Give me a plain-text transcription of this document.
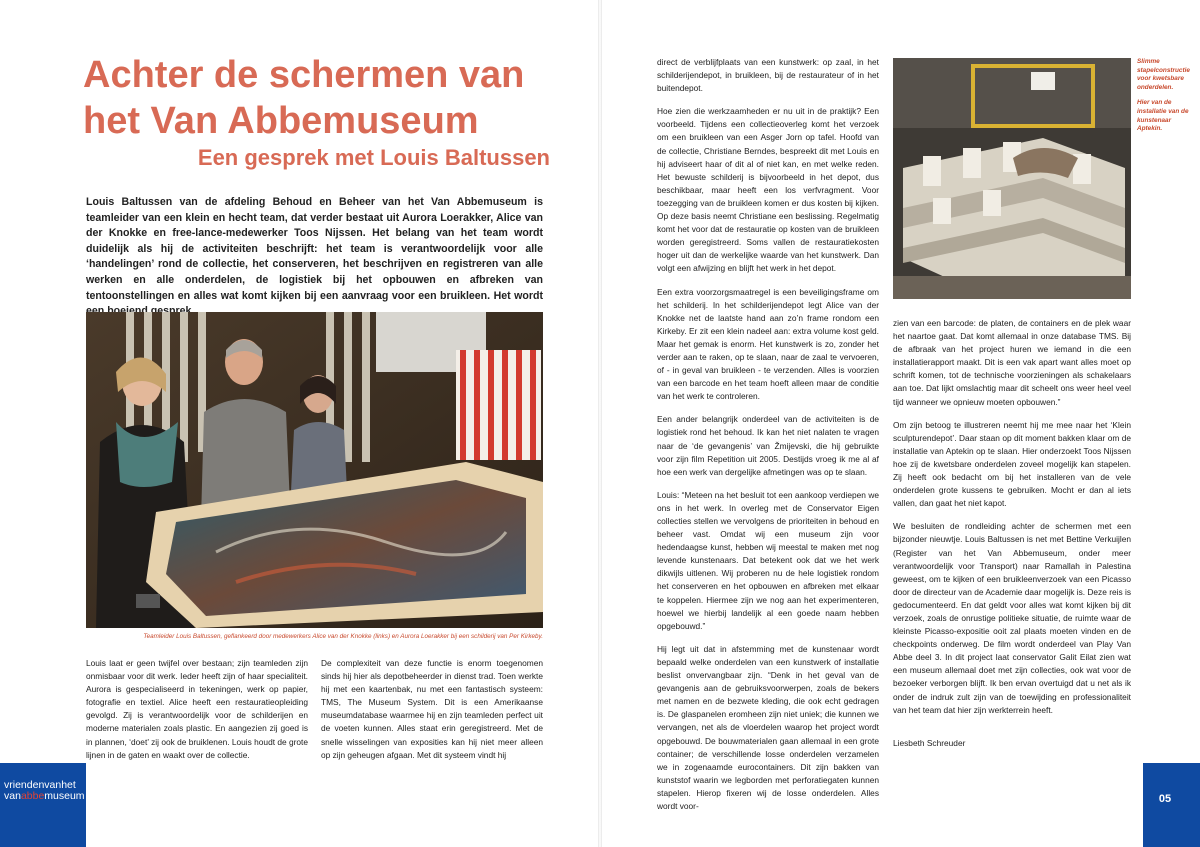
Achter de schermen van het Van Abbemuseum
Een gesprek met Louis Baltussen

Louis Baltussen van de afdeling Behoud en Beheer van het Van Abbemuseum is teamleider van een klein en hecht team, dat verder bestaat uit Aurora Loerakker, Alice van der Knokke en free-lance-medewerker Toos Nijssen. Het belang van het team wordt duidelijk als hij de activiteiten beschrijft: het team is verantwoordelijk voor alle ‘handelingen’ rond de collectie, het conserveren, het beschrijven en registreren van alle werken en alle onderdelen, de logistiek bij het opbouwen en afbreken van tentoonstellingen en alles wat komt kijken bij een aanvraag voor een bruikleen. Het wordt

Teamleider Louis Baltussen, geflankeerd door medewerkers Alice van der Knokke (links) en Aurora Loerakker bij een schilderij van Per Kirkeby.

Louis laat er geen twijfel over bestaan; zijn teamleden zijn onmisbaar voor dit werk. Ieder heeft zijn of haar specialiteit. Aurora is gespecialiseerd in tekeningen, werk op papier, fotografie en textiel. Alice heeft een restauratieopleiding gevolgd. Zij is verantwoordelijk voor de schilderijen en moderne materialen zoals plastic. En aangezien zij goed is in plannen, ‘doet’ zij ook de bruiklenen. Louis houdt de grote lijnen in de gaten en waakt over de collectie.

De complexiteit van deze functie is enorm toegenomen sinds hij hier als depotbeheerder in dienst trad. Toen werkte hij met een kaartenbak, nu met een fantastisch systeem: TMS, The Museum System. Dit is een Amerikaanse museumdatabase waarmee hij en zijn teamleden perfect uit de voeten kunnen. Alles staat erin geregistreerd. Met de snelle wisselingen van exposities kan hij niet meer alleen op zijn geheugen afgaan. Met dit systeem vindt hij

vriendenvanhet
vanabbemuseum

direct de verblijfplaats van een kunstwerk: op zaal, in het schilderijendepot, in bruikleen, bij de restaurateur of in het buitendepot.

Hoe zien die werkzaamheden er nu uit in de praktijk? Een voorbeeld. Tijdens een collectieoverleg komt het verzoek om een bruikleen van een Asger Jorn op tafel. Hoofd van de collectie, Christiane Berndes, bespreekt dit met Louis en hij adviseert haar of dit al of niet kan, en met welke reden. Het bewuste schilderij is bijvoorbeeld in het depot, dus beschikbaar, maar heeft een los verfvragment. Voor toezegging van de bruikleen komen er dus kosten bij kijken. Op deze basis neemt Christiane een beslissing. Regelmatig komt het voor dat de restauratie op kosten van de bruikleen worden geregistreerd. Soms vallen de restauratiekosten hoger uit dan de werkelijke waarde van het kunstwerk. Dan volgt een afwijzing en blijft het werk in het depot.

Een extra voorzorgsmaatregel is een beveiligingsframe om het schilderij. In het schilderijendepot legt Alice van der Knokke net de laatste hand aan zo’n frame rondom een Kirkeby. Er zit een klein nadeel aan: extra volume kost geld. Maar het gemak is enorm. Het kunstwerk is zo, zonder het verder aan te raken, op te slaan, naar de zaal te vervoeren, of - in geval van bruikleen - te verzenden. Alles is voorzien van een barcode en het team hoeft alleen maar de conditie van het werk te controleren.

Een ander belangrijk onderdeel van de activiteiten is de logistiek rond het behoud. Ik kan het niet nalaten te vragen naar de ‘de gevangenis’ van Žmijevski, die hij gebruikte voor zijn film Repetition uit 2005. Destijds vroeg ik me al af hoe een werk van dergelijke afmetingen was op te slaan.

Louis: “Meteen na het besluit tot een aankoop verdiepen we ons in het werk. In overleg met de Conservator Eigen collecties stellen we vervolgens de prioriteiten in behoud en beheer vast. Omdat wij een museum zijn voor hedendaagse kunst, hebben wij meestal te maken met nog levende kunstenaars. Dat betekent ook dat we het werk dikwijls uitlenen. Wij proberen nu de hele logistiek rondom het conserveren en het opbouwen en afbreken met elkaar te koppelen. Hiermee zijn we nog aan het experimenteren, hoewel we hierbij landelijk al een goede naam hebben opgebouwd.”

Hij legt uit dat in afstemming met de kunstenaar wordt bepaald welke onderdelen van een kunstwerk of installatie beslist onvervangbaar zijn. “Denk in het geval van de gevangenis aan de gebruiksvoorwerpen, zoals de bekers met namen en de bezwete kleding, die ook echt gedragen is. De glaspanelen eromheen zijn niet uniek; die kunnen we vervangen, net als de vloerdelen waarop het project wordt opgebouwd. De bouwmaterialen gaan allemaal in een grote container; de verschillende losse onderdelen verzamelen we in zogenaamde eurocontainers. Dit zijn bakken van kunststof waarin we legborden met perforatiegaten kunnen stapelen. Hierop fixeren wij de losse onderdelen. Alles wordt voor-

Slimme stapelconstructie voor kwetsbare onderdelen.

Hier van de installatie van de kunstenaar Aptekin.

zien van een barcode: de platen, de containers en de plek waar het naartoe gaat. Dat komt allemaal in onze database TMS. Bij de afbraak van het project huren we iemand in die een installatierapport maakt. Dit is een vak apart want alles moet op schrift komen, tot de technische voorzieningen als schakelaars aan toe. Dat lijkt omslachtig maar dit scheelt ons weer heel veel tijd wanneer we opnieuw moeten opbouwen.”

Om zijn betoog te illustreren neemt hij me mee naar het ‘Klein sculpturendepot’. Daar staan op dit moment bakken klaar om de installatie van Aptekin op te slaan. Hier onderzoekt Toos Nijssen hoe zij de kwetsbare onderdelen zoveel mogelijk kan stapelen. Zij heeft ook bedacht om bij het installeren van de vele onderdelen grote kussens te gebruiken. Mocht er dan al iets vallen, dan gaat het niet kapot.

We besluiten de rondleiding achter de schermen met een bijzonder nieuwtje. Louis Baltussen is net met Bettine Verkuijlen (Register van het Van Abbemuseum, onder meer verantwoordelijk voor Transport) naar Ramallah in Palestina geweest, om te kijken of een bruikleenverzoek van een Picasso door de directeur van de Academie daar mogelijk is. Deze reis is gedocumenteerd. En dat geldt voor alles wat komt kijken bij dit verzoek, zoals de onrustige politieke situatie, de ruimte waar de kleinste Picasso-expositie ooit zal plaats moeten vinden en de checkpoints onderweg. De film wordt onderdeel van Play Van Abbe deel 3. In dit project laat conservator Galit Eilat zien wat een museum allemaal doet met zijn collecties, ook wat voor de bezoeker verborgen blijft. Ik ben ervan overtuigd dat u net als ik onder de indruk zult zijn van de toewijding en professionaliteit van het team dat hier zijn werkterrein heeft.

Liesbeth Schreuder
05
